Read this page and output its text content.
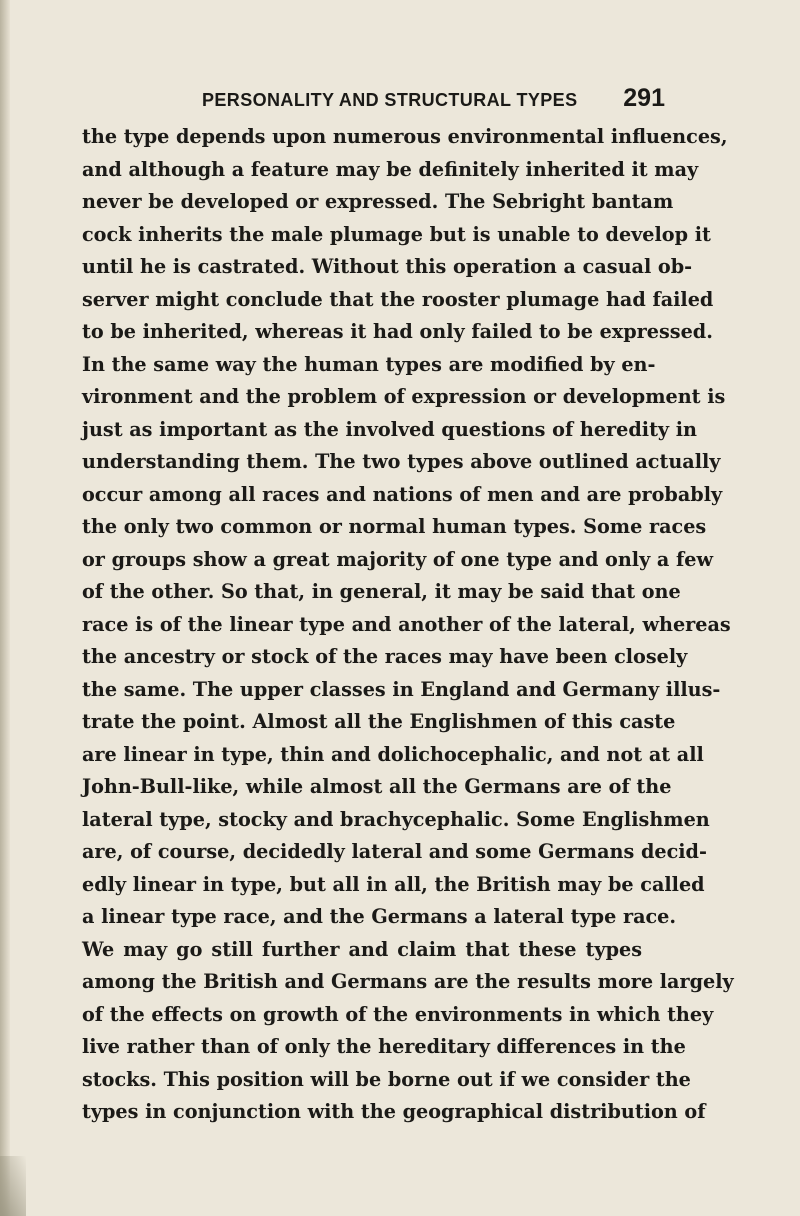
PERSONALITY AND STRUCTURAL TYPES 291
the type depends upon numerous environmental influences,
and although a feature may be definitely inherited it may
never be developed or expressed. The Sebright bantam
cock inherits the male plumage but is unable to develop it
until he is castrated. Without this operation a casual ob-
server might conclude that the rooster plumage had failed
to be inherited, whereas it had only failed to be expressed.
In the same way the human types are modified by en-
vironment and the problem of expression or development is
just as important as the involved questions of heredity in
understanding them. The two types above outlined actually
occur among all races and nations of men and are probably
the only two common or normal human types. Some races
or groups show a great majority of one type and only a few
of the other. So that, in general, it may be said that one
race is of the linear type and another of the lateral, whereas
the ancestry or stock of the races may have been closely
the same. The upper classes in England and Germany illus-
trate the point. Almost all the Englishmen of this caste
are linear in type, thin and dolichocephalic, and not at all
John-Bull-like, while almost all the Germans are of the
lateral type, stocky and brachycephalic. Some Englishmen
are, of course, decidedly lateral and some Germans decid-
edly linear in type, but all in all, the British may be called
a linear type race, and the Germans a lateral type race.
We may go still further and claim that these types
among the British and Germans are the results more largely
of the effects on growth of the environments in which they
live rather than of only the hereditary differences in the
stocks. This position will be borne out if we consider the
types in conjunction with the geographical distribution of
